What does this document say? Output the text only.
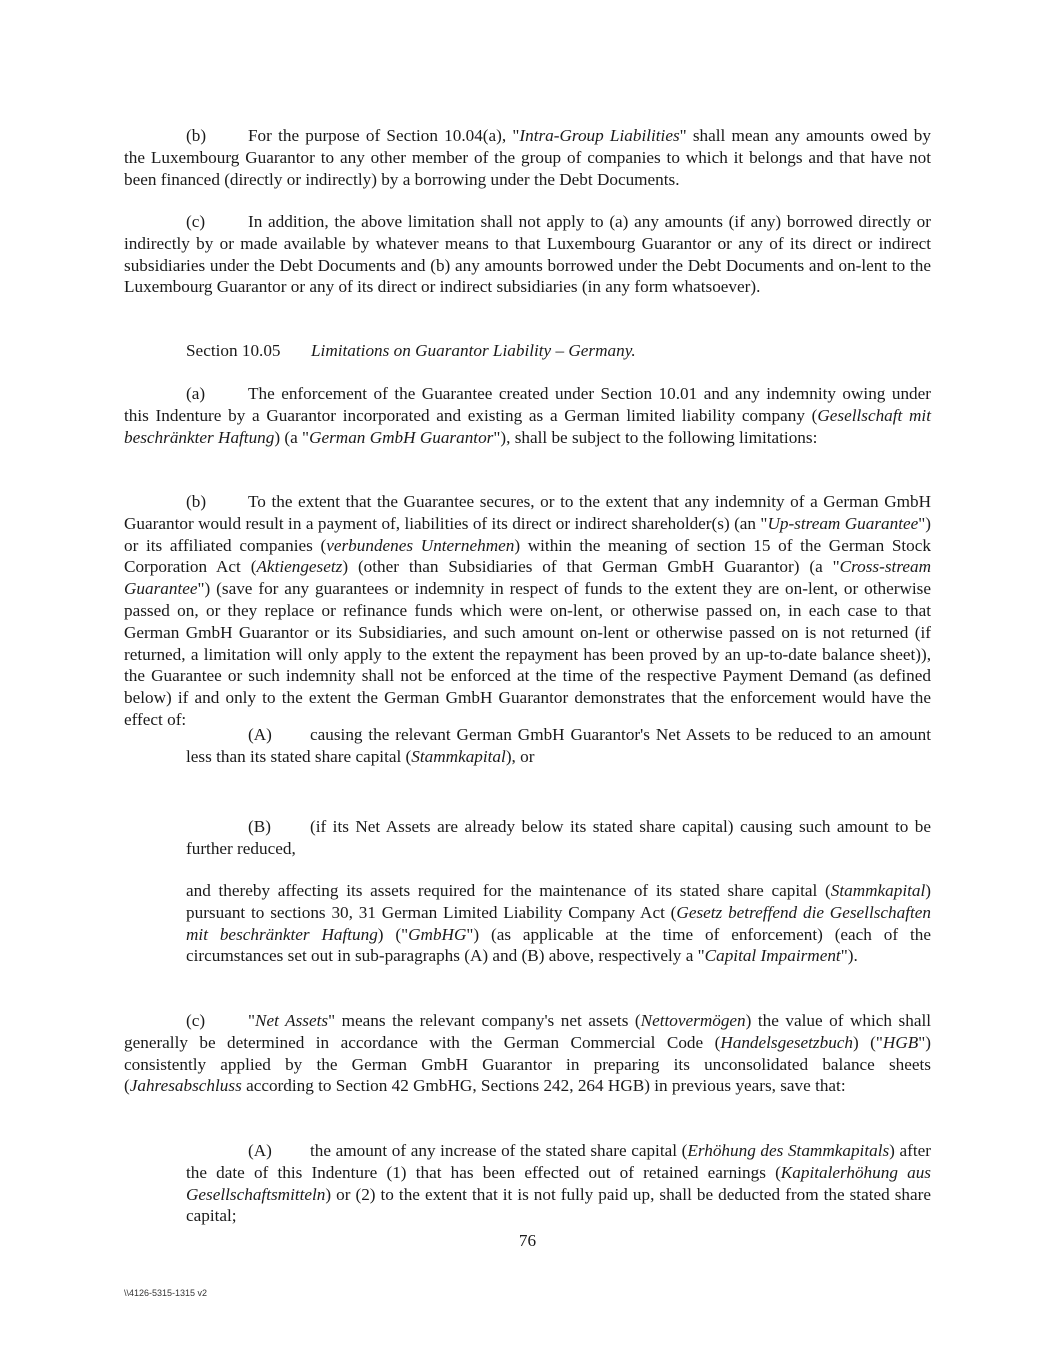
(b) For the purpose of Section 10.04(a), "Intra-Group Liabilities" shall mean any amounts owed by the Luxembourg Guarantor to any other member of the group of companies to which it belongs and that have not been financed (directly or indirectly) by a borrowing under the Debt Documents.

(c) In addition, the above limitation shall not apply to (a) any amounts (if any) borrowed directly or indirectly by or made available by whatever means to that Luxembourg Guarantor or any of its direct or indirect subsidiaries under the Debt Documents and (b) any amounts borrowed under the Debt Documents and on-lent to the Luxembourg Guarantor or any of its direct or indirect subsidiaries (in any form whatsoever).

Section 10.05 Limitations on Guarantor Liability – Germany.

(a) The enforcement of the Guarantee created under Section 10.01 and any indemnity owing under this Indenture by a Guarantor incorporated and existing as a German limited liability company (Gesellschaft mit beschränkter Haftung) (a "German GmbH Guarantor"), shall be subject to the following limitations:

(b) To the extent that the Guarantee secures, or to the extent that any indemnity of a German GmbH Guarantor would result in a payment of, liabilities of its direct or indirect shareholder(s) (an "Up-stream Guarantee") or its affiliated companies (verbundenes Unternehmen) within the meaning of section 15 of the German Stock Corporation Act (Aktiengesetz) (other than Subsidiaries of that German GmbH Guarantor) (a "Cross-stream Guarantee") (save for any guarantees or indemnity in respect of funds to the extent they are on-lent, or otherwise passed on, or they replace or refinance funds which were on-lent, or otherwise passed on, in each case to that German GmbH Guarantor or its Subsidiaries, and such amount on-lent or otherwise passed on is not returned (if returned, a limitation will only apply to the extent the repayment has been proved by an up-to-date balance sheet)), the Guarantee or such indemnity shall not be enforced at the time of the respective Payment Demand (as defined below) if and only to the extent the German GmbH Guarantor demonstrates that the enforcement would have the effect of:

(A) causing the relevant German GmbH Guarantor's Net Assets to be reduced to an amount less than its stated share capital (Stammkapital), or

(B) (if its Net Assets are already below its stated share capital) causing such amount to be further reduced,

and thereby affecting its assets required for the maintenance of its stated share capital (Stammkapital) pursuant to sections 30, 31 German Limited Liability Company Act (Gesetz betreffend die Gesellschaften mit beschränkter Haftung) ("GmbHG") (as applicable at the time of enforcement) (each of the circumstances set out in sub-paragraphs (A) and (B) above, respectively a "Capital Impairment").

(c) "Net Assets" means the relevant company's net assets (Nettovermögen) the value of which shall generally be determined in accordance with the German Commercial Code (Handelsgesetzbuch) ("HGB") consistently applied by the German GmbH Guarantor in preparing its unconsolidated balance sheets (Jahresabschluss according to Section 42 GmbHG, Sections 242, 264 HGB) in previous years, save that:

(A) the amount of any increase of the stated share capital (Erhöhung des Stammkapitals) after the date of this Indenture (1) that has been effected out of retained earnings (Kapitalerhöhung aus Gesellschaftsmitteln) or (2) to the extent that it is not fully paid up, shall be deducted from the stated share capital;

76
\\4126-5315-1315 v2
